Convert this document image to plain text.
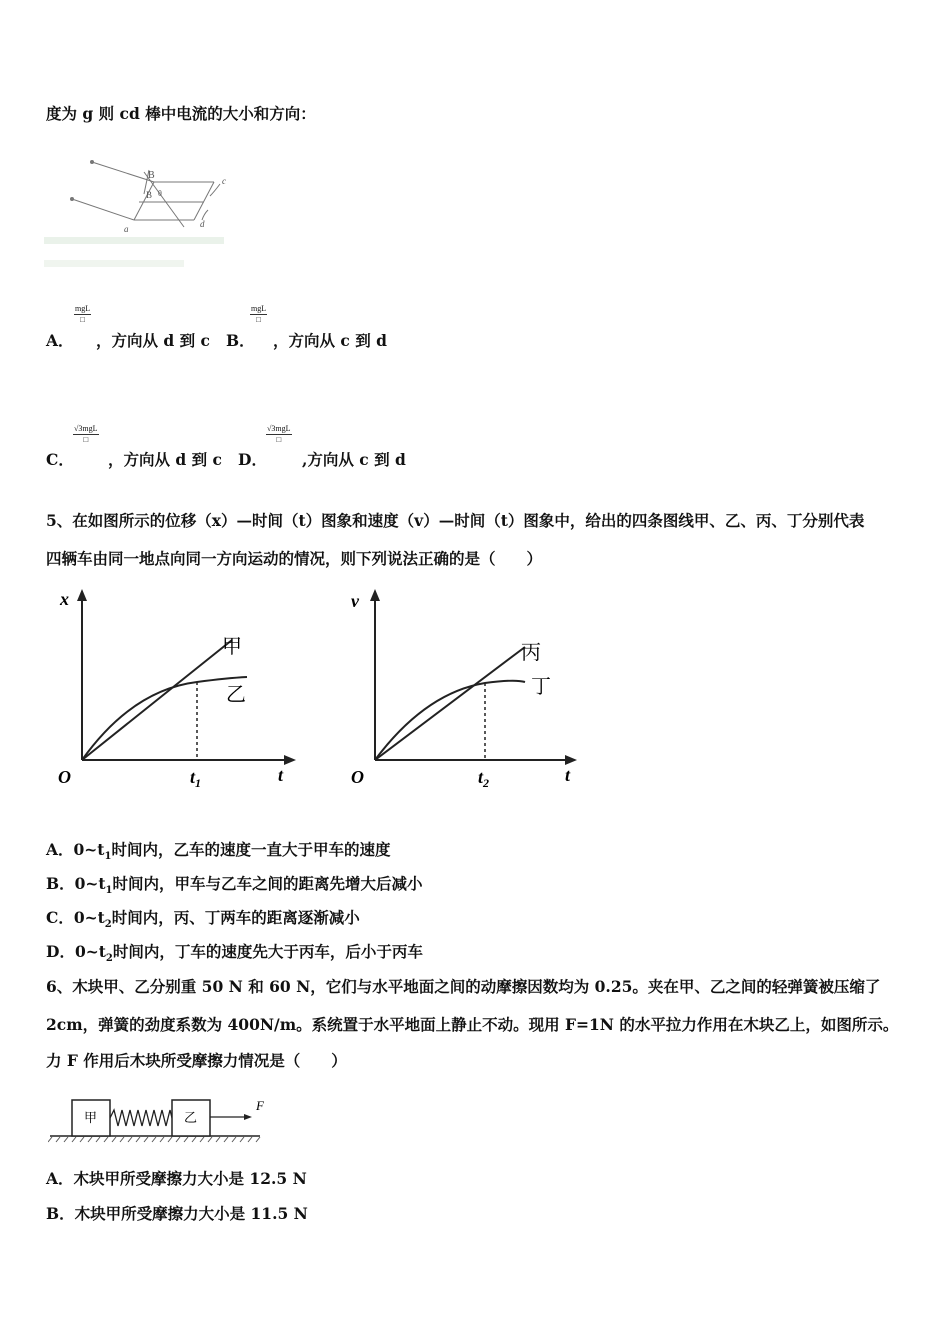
度为 g 则 cd 棒中电流的大小和方向：
B
B θ
a
c
d
A．
mgL
□
，方向从 d 到 c B．
mgL
□
，方向从 c 到 d
C．
√3mgL
□
，方向从 d 到 c D．
√3mgL
□
,方向从 c 到 d
5、在如图所示的位移（x）—时间（t）图象和速度（v）—时间（t）图象中，给出的四条图线甲、乙、丙、丁分别代表
四辆车由同一地点向同一方向运动的情况，则下列说法正确的是（　　）
x
t
O	$t_1$
甲
乙
v
t
O	$t_2$
丙
丁
A．$0\sim t_1$时间内，乙车的速度一直大于甲车的速度
B．$0\sim t_1$时间内，甲车与乙车之间的距离先增大后减小
C．$0\sim t_2$时间内，丙、丁两车的距离逐渐减小
D．$0\sim t_2$时间内，丁车的速度先大于丙车，后小于丙车
6、木块甲、乙分别重 50 N 和 60 N，它们与水平地面之间的动摩擦因数均为 0.25。夹在甲、乙之间的轻弹簧被压缩了
2cm，弹簧的劲度系数为 400N/m。系统置于水平地面上静止不动。现用 F=1N 的水平拉力作用在木块乙上，如图所示。
力 F 作用后木块所受摩擦力情况是（　　）
甲	乙
F
A．木块甲所受摩擦力大小是 12.5 N
B．木块甲所受摩擦力大小是 11.5 N
